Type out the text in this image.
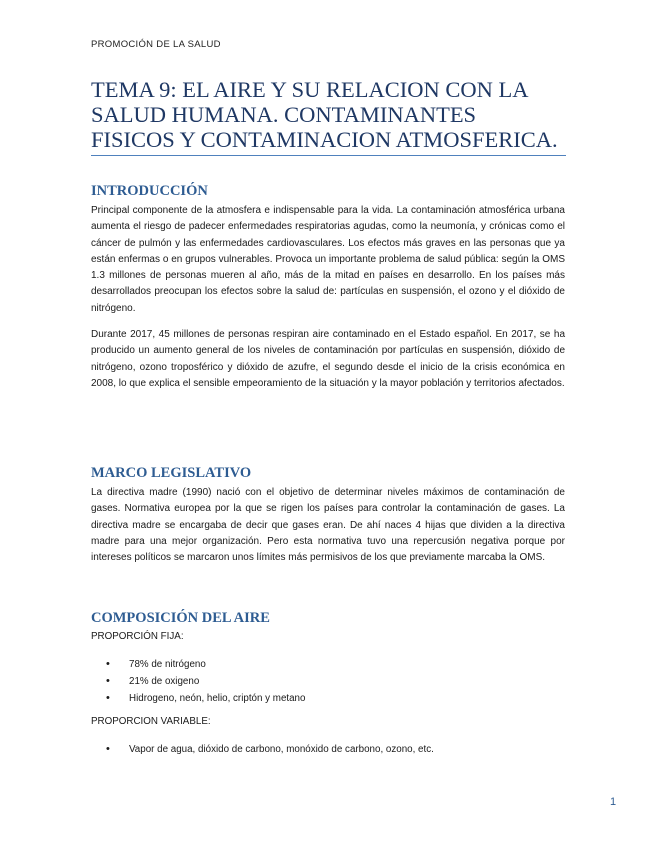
PROMOCIÓN DE LA SALUD
TEMA 9: EL AIRE Y SU RELACION CON LA SALUD HUMANA. CONTAMINANTES FISICOS Y CONTAMINACION ATMOSFERICA.
INTRODUCCIÓN

Principal componente de la atmosfera e indispensable para la vida. La contaminación atmosférica urbana aumenta el riesgo de padecer enfermedades respiratorias agudas, como la neumonía, y crónicas como el cáncer de pulmón y las enfermedades cardiovasculares. Los efectos más graves en las personas que ya están enfermas o en grupos vulnerables. Provoca un importante problema de salud pública: según la OMS 1.3 millones de personas mueren al año, más de la mitad en países en desarrollo. En los países más desarrollados preocupan los efectos sobre la salud de: partículas en suspensión, el ozono y el dióxido de nitrógeno.

Durante 2017, 45 millones de personas respiran aire contaminado en el Estado español. En 2017, se ha producido un aumento general de los niveles de contaminación por partículas en suspensión, dióxido de nitrógeno, ozono troposférico y dióxido de azufre, el segundo desde el inicio de la crisis económica en 2008, lo que explica el sensible empeoramiento de la situación y la mayor población y territorios afectados.

MARCO LEGISLATIVO

La directiva madre (1990) nació con el objetivo de determinar niveles máximos de contaminación de gases. Normativa europea por la que se rigen los países para controlar la contaminación de gases. La directiva madre se encargaba de decir que gases eran. De ahí naces 4 hijas que dividen a la directiva madre para una mejor organización. Pero esta normativa tuvo una repercusión negativa porque por intereses políticos se marcaron unos límites más permisivos de los que previamente marcaba la OMS.

COMPOSICIÓN DEL AIRE
PROPORCIÓN FIJA:
• 78% de nitrógeno
• 21% de oxigeno
• Hidrogeno, neón, helio, criptón y metano
PROPORCION VARIABLE:
• Vapor de agua, dióxido de carbono, monóxido de carbono, ozono, etc.
1
